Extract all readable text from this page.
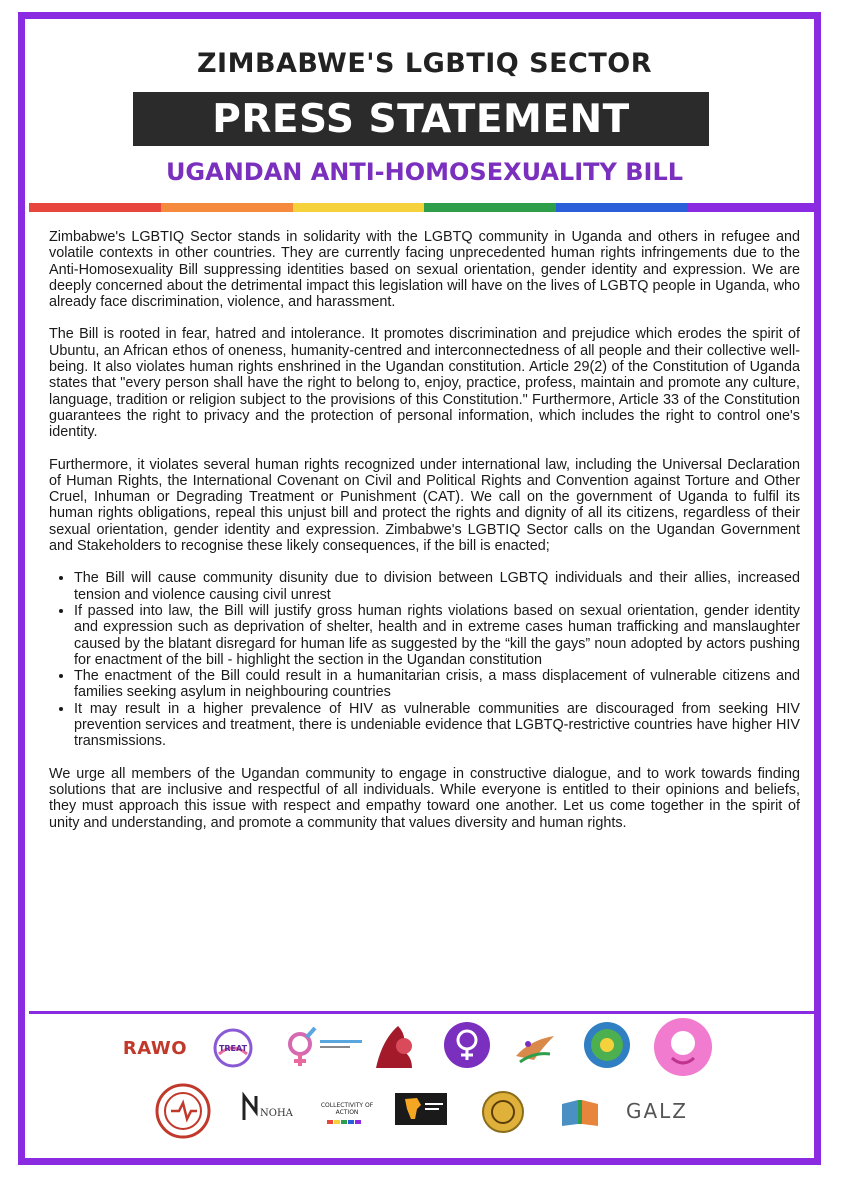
ZIMBABWE'S LGBTIQ SECTOR
PRESS STATEMENT
UGANDAN ANTI-HOMOSEXUALITY BILL

Zimbabwe's LGBTIQ Sector stands in solidarity with the LGBTQ community in Uganda and others in refugee and volatile contexts in other countries. They are currently facing unprecedented human rights infringements due to the Anti-Homosexuality Bill suppressing identities based on sexual orientation, gender identity and expression. We are deeply concerned about the detrimental impact this legislation will have on the lives of LGBTQ people in Uganda, who already face discrimination, violence, and harassment.

The Bill is rooted in fear, hatred and intolerance. It promotes discrimination and prejudice which erodes the spirit of Ubuntu, an African ethos of oneness, humanity-centred and interconnectedness of all people and their collective well-being. It also violates human rights enshrined in the Ugandan constitution. Article 29(2) of the Constitution of Uganda states that "every person shall have the right to belong to, enjoy, practice, profess, maintain and promote any culture, language, tradition or religion subject to the provisions of this Constitution." Furthermore, Article 33 of the Constitution guarantees the right to privacy and the protection of personal information, which includes the right to control one's identity.

Furthermore, it violates several human rights recognized under international law, including the Universal Declaration of Human Rights, the International Covenant on Civil and Political Rights and Convention against Torture and Other Cruel, Inhuman or Degrading Treatment or Punishment (CAT). We call on the government of Uganda to fulfil its human rights obligations, repeal this unjust bill and protect the rights and dignity of all its citizens, regardless of their sexual orientation, gender identity and expression. Zimbabwe's LGBTIQ Sector calls on the Ugandan Government and Stakeholders to recognise these likely consequences, if the bill is enacted;

• The Bill will cause community disunity due to division between LGBTQ individuals and their allies, increased tension and violence causing civil unrest
• If passed into law, the Bill will justify gross human rights violations based on sexual orientation, gender identity and expression such as deprivation of shelter, health and in extreme cases human trafficking and manslaughter caused by the blatant disregard for human life as suggested by the “kill the gays” noun adopted by actors pushing for enactment of the bill - highlight the section in the Ugandan constitution
• The enactment of the Bill could result in a humanitarian crisis, a mass displacement of vulnerable citizens and families seeking asylum in neighbouring countries
• It may result in a higher prevalence of HIV as vulnerable communities are discouraged from seeking HIV prevention services and treatment, there is undeniable evidence that LGBTQ-restrictive countries have higher HIV transmissions.

We urge all members of the Ugandan community to engage in constructive dialogue, and to work towards finding solutions that are inclusive and respectful of all individuals. While everyone is entitled to their opinions and beliefs, they must approach this issue with respect and empathy toward one another. Let us come together in the spirit of unity and understanding, and promote a community that values diversity and human rights.

RAWO	TREAT
NOHA
COLLECTIVITY OF ACTION	GALZ
